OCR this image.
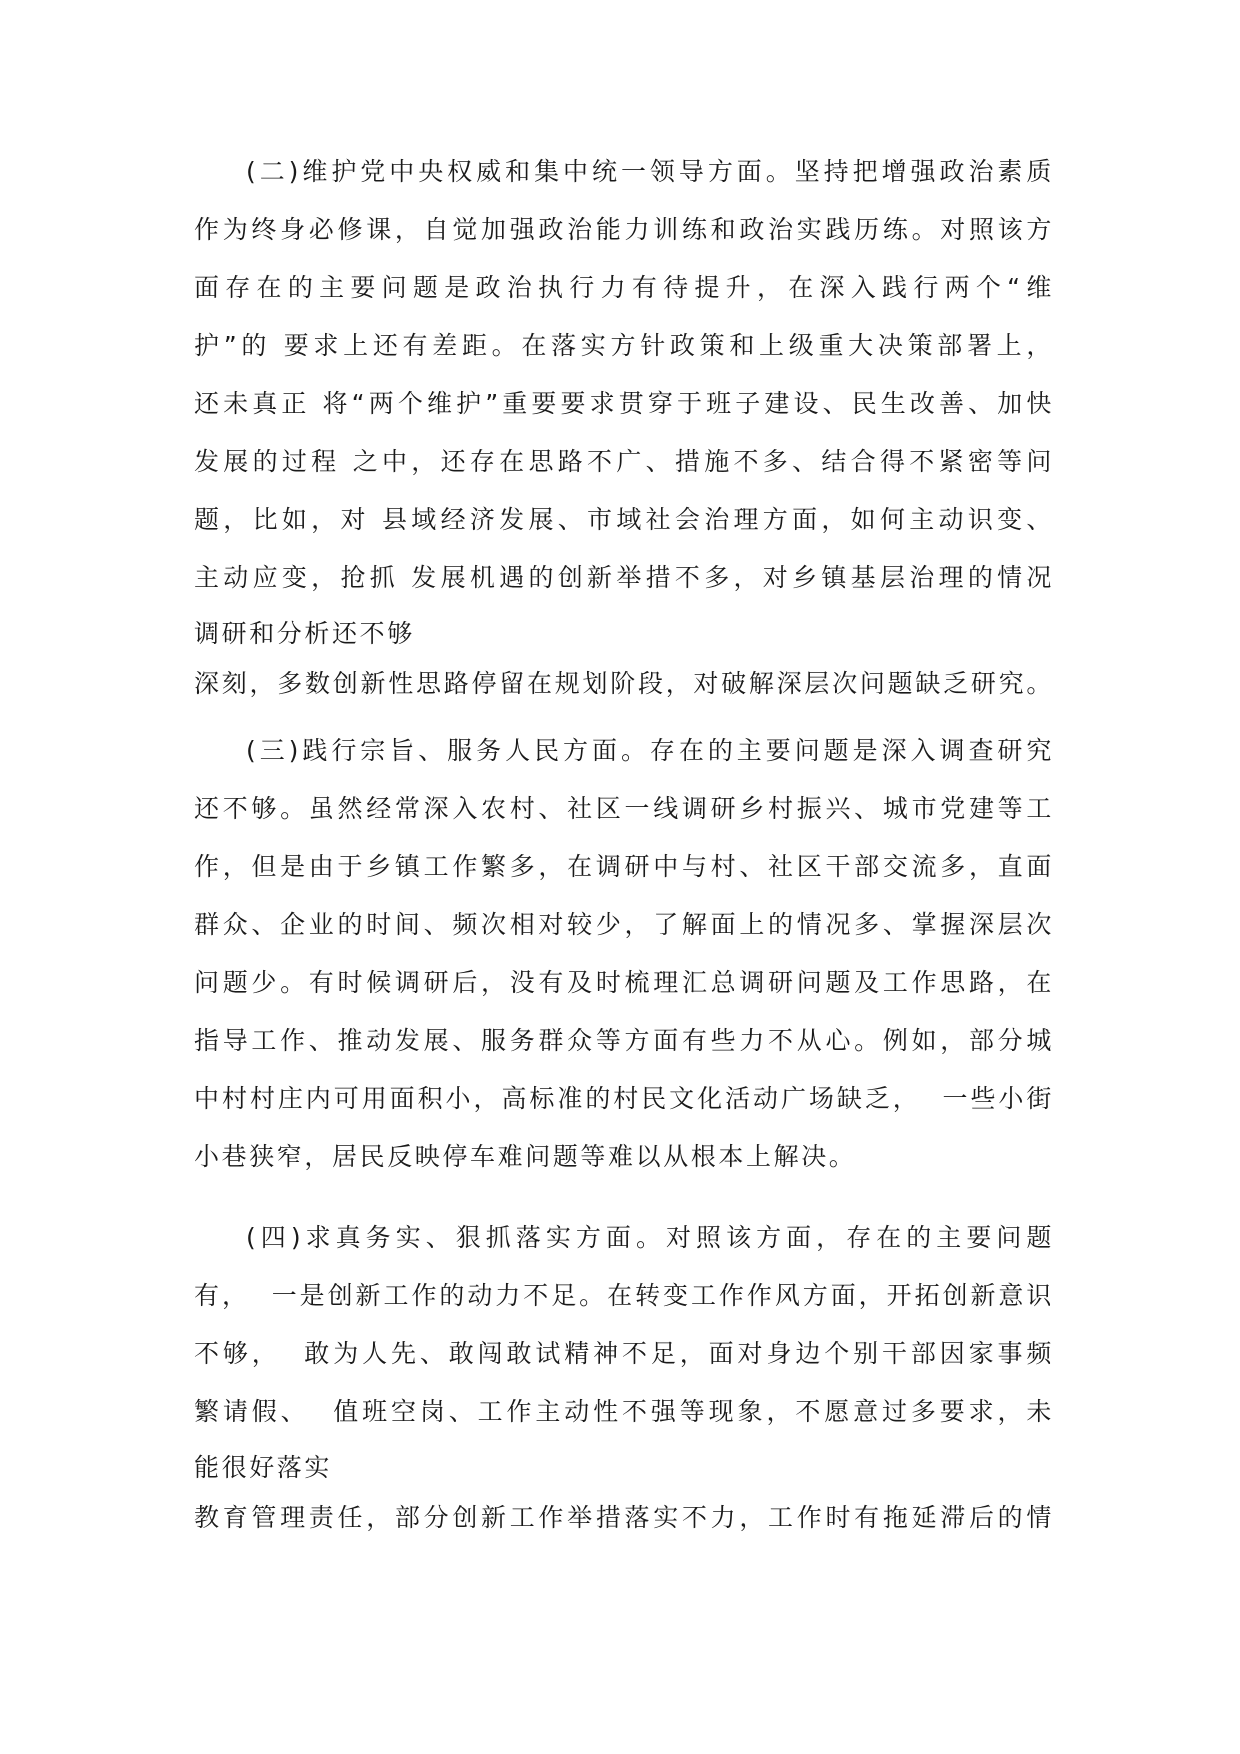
(二)维护党中央权威和集中统一领导方面。坚持把增强政治素质
作为终身必修课，自觉加强政治能力训练和政治实践历练。对照该方
面存在的主要问题是政治执行力有待提升，在深入践行两个“维
护”的 要求上还有差距。在落实方针政策和上级重大决策部署上，
还未真正 将“两个维护”重要要求贯穿于班子建设、民生改善、加快
发展的过程 之中，还存在思路不广、措施不多、结合得不紧密等问
题，比如，对 县域经济发展、市域社会治理方面，如何主动识变、
主动应变，抢抓 发展机遇的创新举措不多，对乡镇基层治理的情况
调研和分析还不够
深刻，多数创新性思路停留在规划阶段，对破解深层次问题缺乏研究。
(三)践行宗旨、服务人民方面。存在的主要问题是深入调查研究
还不够。虽然经常深入农村、社区一线调研乡村振兴、城市党建等工
作，但是由于乡镇工作繁多，在调研中与村、社区干部交流多，直面
群众、企业的时间、频次相对较少，了解面上的情况多、掌握深层次
问题少。有时候调研后，没有及时梳理汇总调研问题及工作思路，在
指导工作、推动发展、服务群众等方面有些力不从心。例如，部分城
中村村庄内可用面积小，高标准的村民文化活动广场缺乏，  一些小街
小巷狭窄，居民反映停车难问题等难以从根本上解决。
(四)求真务实、狠抓落实方面。对照该方面，存在的主要问题
有，  一是创新工作的动力不足。在转变工作作风方面，开拓创新意识
不够，  敢为人先、敢闯敢试精神不足，面对身边个别干部因家事频
繁请假、  值班空岗、工作主动性不强等现象，不愿意过多要求，未
能很好落实
教育管理责任，部分创新工作举措落实不力，工作时有拖延滞后的情
